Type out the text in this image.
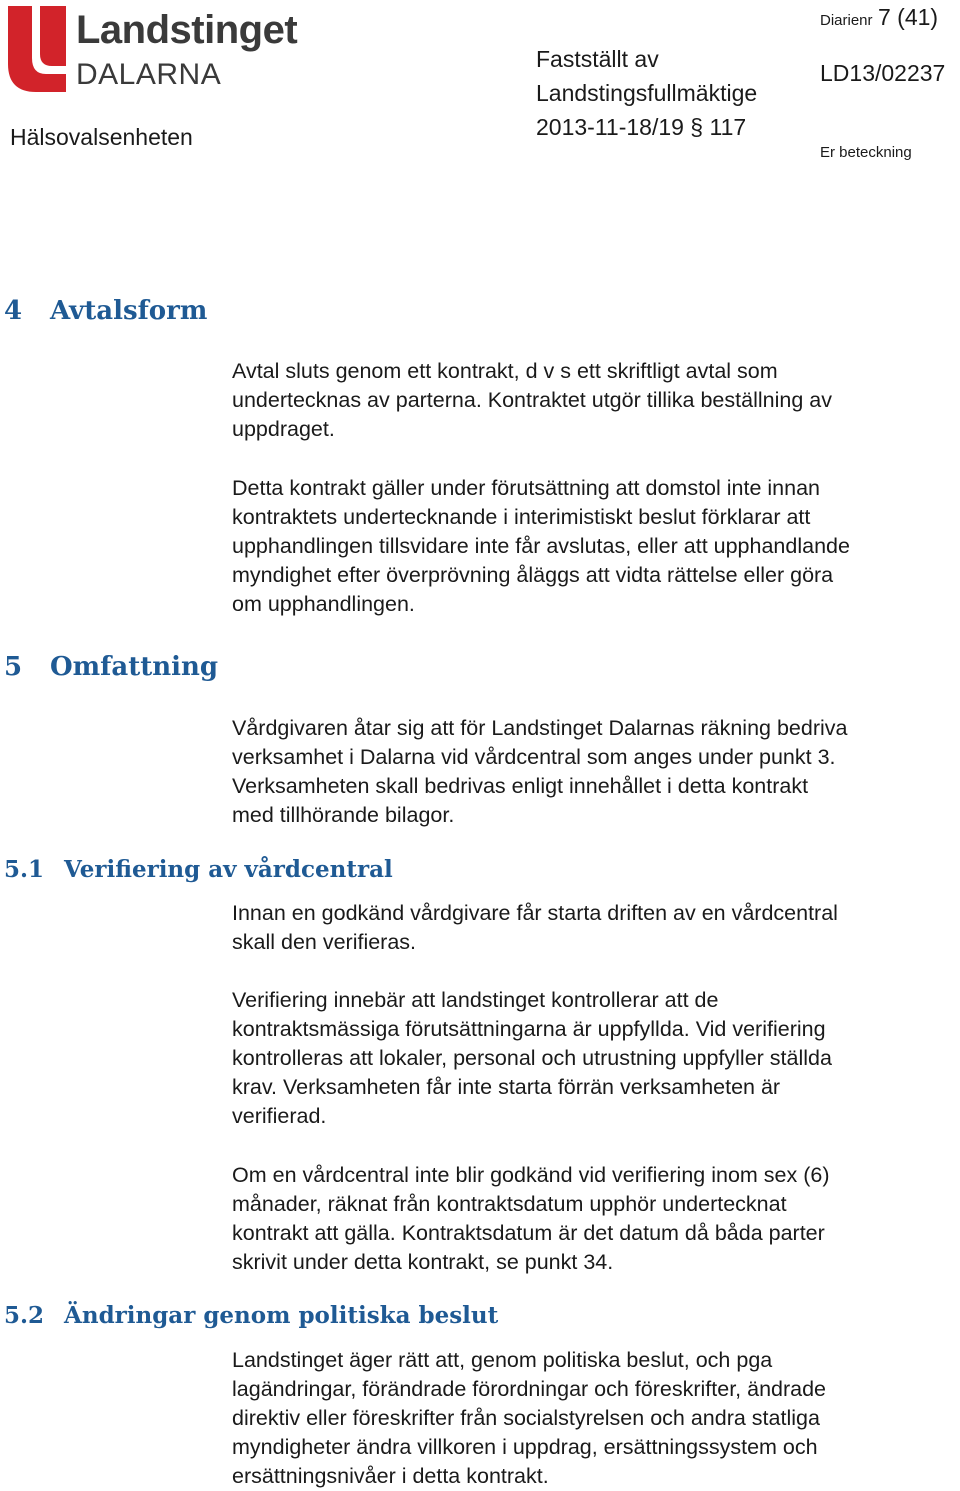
Landstinget
DALARNA
Hälsovalsenheten
Fastställt av
Landstingsfullmäktige
2013-11-18/19 § 117
Diarienr 7 (41)
LD13/02237
Er beteckning
4 Avtalsform
Avtal sluts genom ett kontrakt, d v s ett skriftligt avtal som
undertecknas av parterna. Kontraktet utgör tillika beställning av
uppdraget.
Detta kontrakt gäller under förutsättning att domstol inte innan
kontraktets undertecknande i interimistiskt beslut förklarar att
upphandlingen tillsvidare inte får avslutas, eller att upphandlande
myndighet efter överprövning åläggs att vidta rättelse eller göra
om upphandlingen.
5 Omfattning
Vårdgivaren åtar sig att för Landstinget Dalarnas räkning bedriva
verksamhet i Dalarna vid vårdcentral som anges under punkt 3.
Verksamheten skall bedrivas enligt innehållet i detta kontrakt
med tillhörande bilagor.
5.1 Verifiering av vårdcentral
Innan en godkänd vårdgivare får starta driften av en vårdcentral
skall den verifieras.
Verifiering innebär att landstinget kontrollerar att de
kontraktsmässiga förutsättningarna är uppfyllda. Vid verifiering
kontrolleras att lokaler, personal och utrustning uppfyller ställda
krav. Verksamheten får inte starta förrän verksamheten är
verifierad.
Om en vårdcentral inte blir godkänd vid verifiering inom sex (6)
månader, räknat från kontraktsdatum upphör undertecknat
kontrakt att gälla. Kontraktsdatum är det datum då båda parter
skrivit under detta kontrakt, se punkt 34.
5.2 Ändringar genom politiska beslut
Landstinget äger rätt att, genom politiska beslut, och pga
lagändringar, förändrade förordningar och föreskrifter, ändrade
direktiv eller föreskrifter från socialstyrelsen och andra statliga
myndigheter ändra villkoren i uppdrag, ersättningssystem och
ersättningsnivåer i detta kontrakt.
